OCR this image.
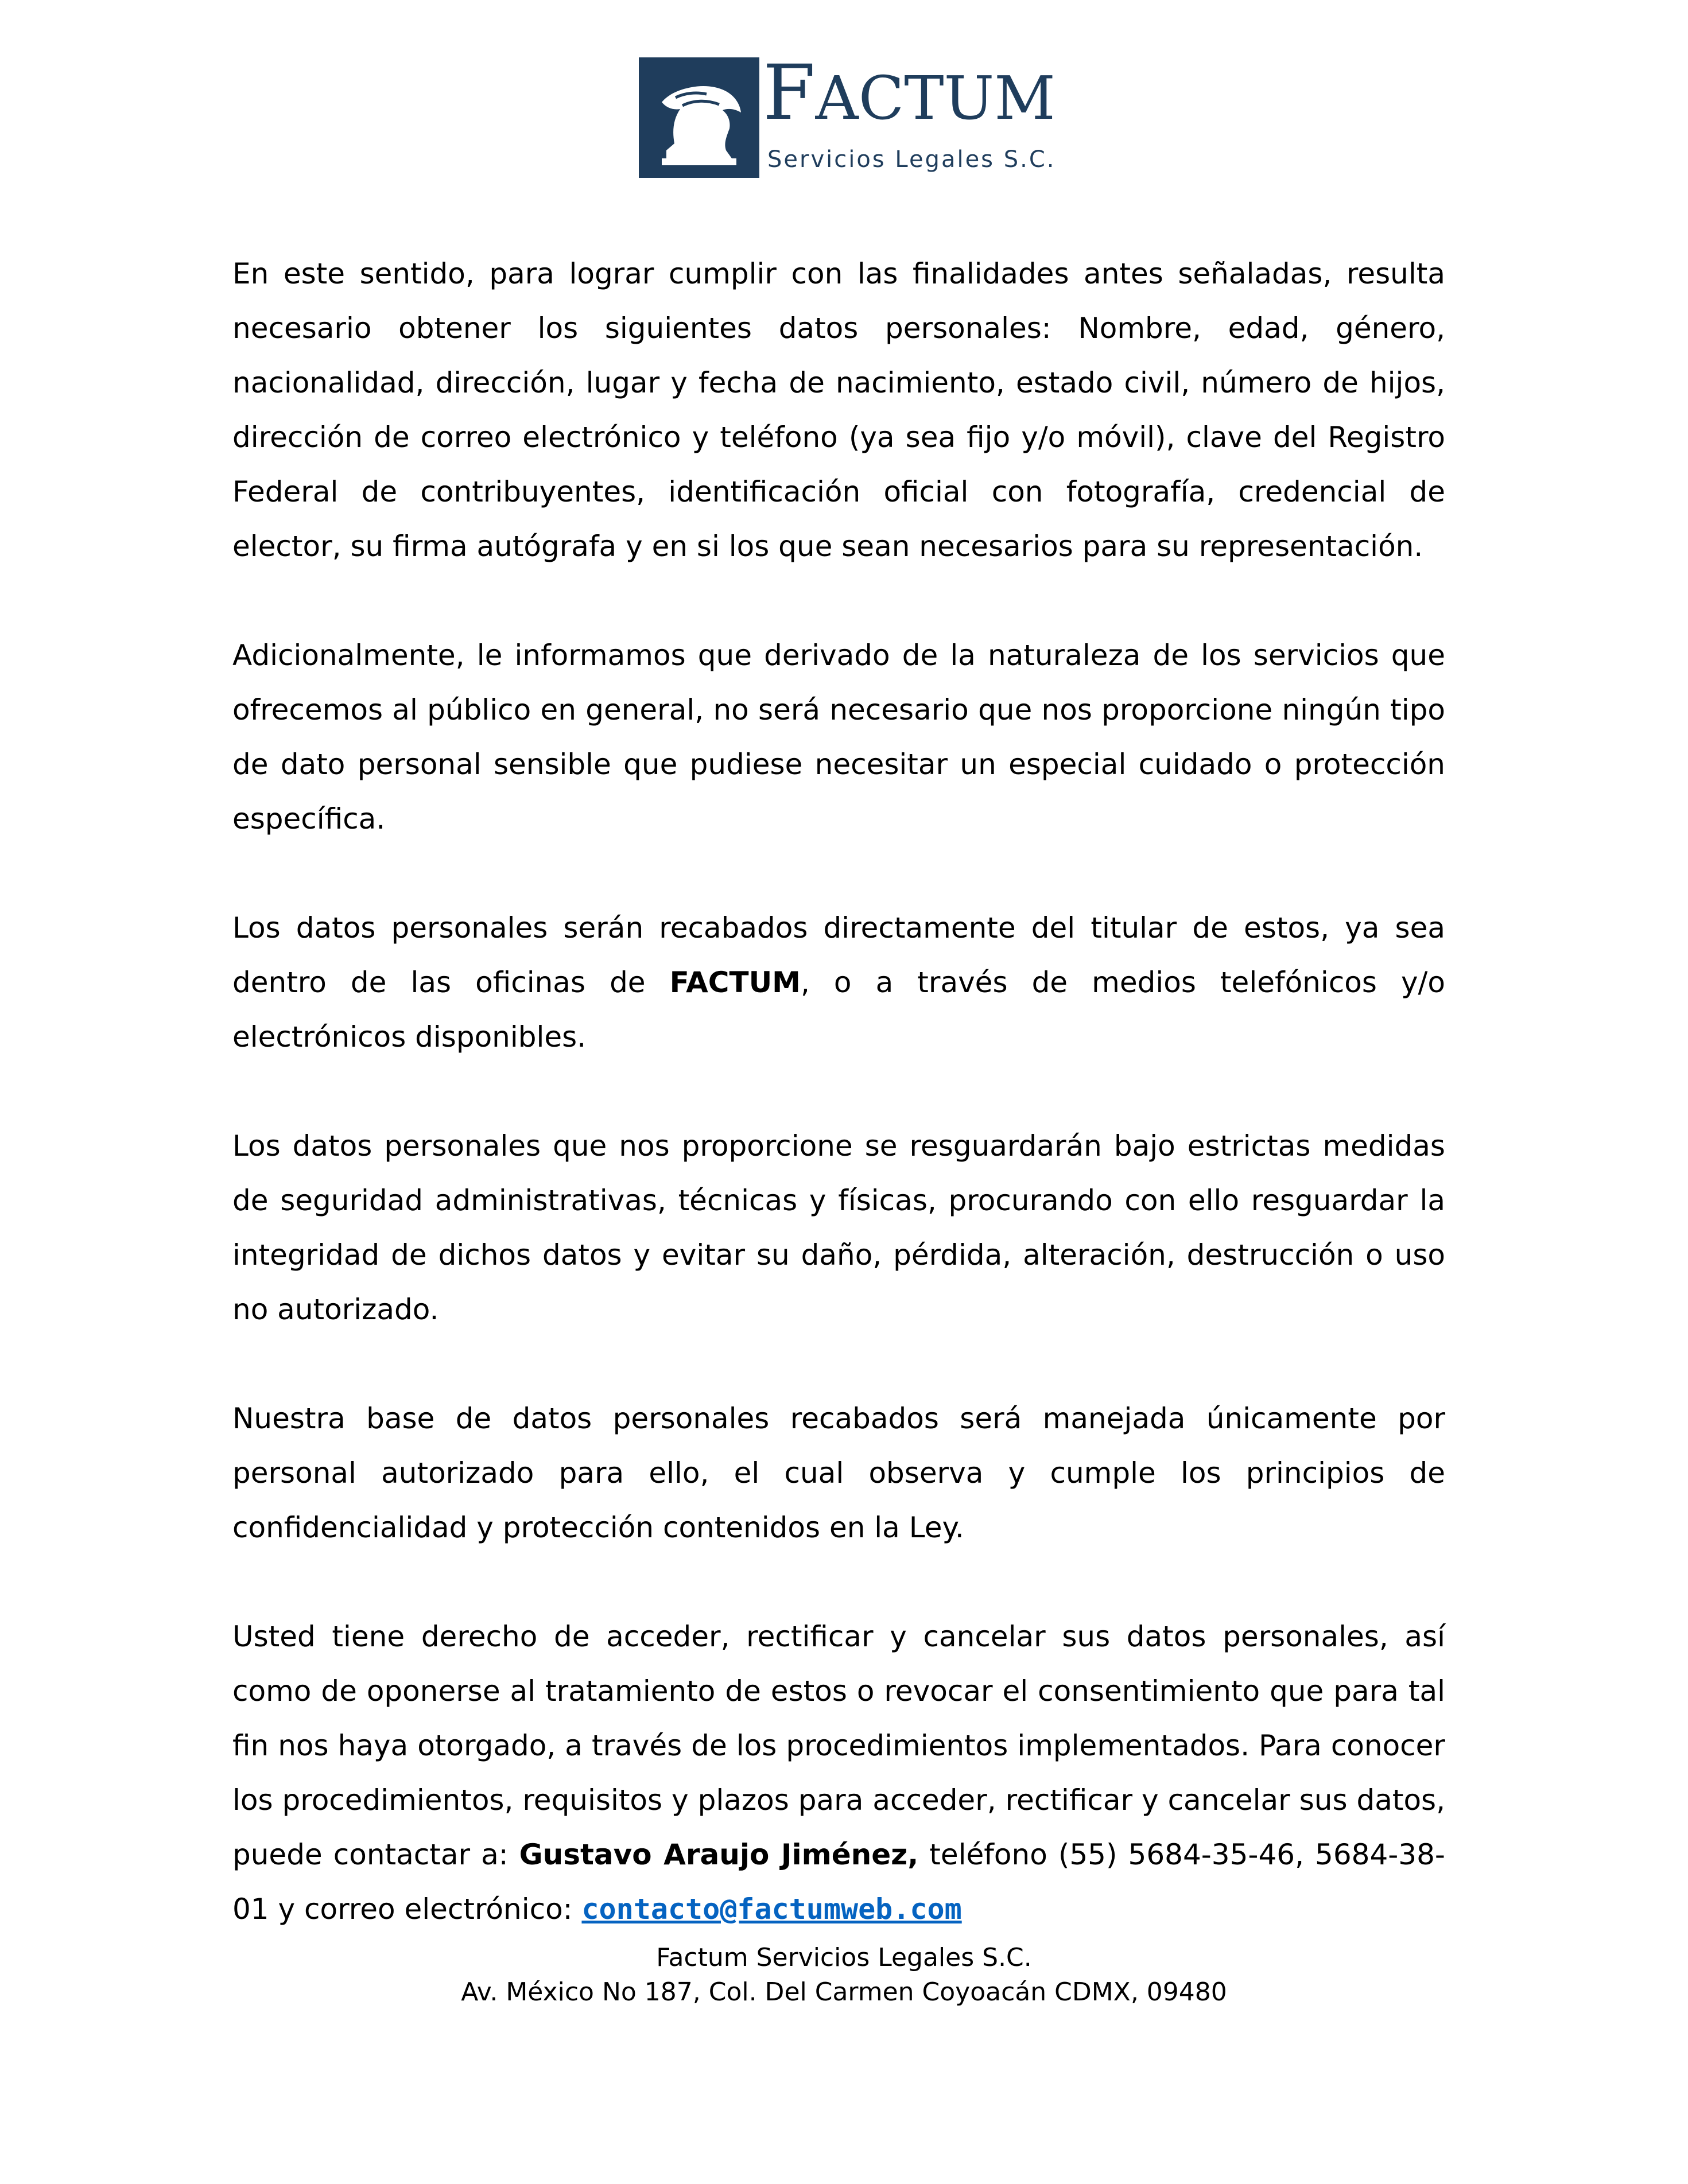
FACTUM
Servicios Legales S.C.

En este sentido, para lograr cumplir con las finalidades antes señaladas, resulta necesario obtener los siguientes datos personales: Nombre, edad, género, nacionalidad, dirección, lugar y fecha de nacimiento, estado civil, número de hijos, dirección de correo electrónico y teléfono (ya sea fijo y/o móvil), clave del Registro Federal de contribuyentes, identificación oficial con fotografía, credencial de elector, su firma autógrafa y en si los que sean necesarios para su representación.

Adicionalmente, le informamos que derivado de la naturaleza de los servicios que ofrecemos al público en general, no será necesario que nos proporcione ningún tipo de dato personal sensible que pudiese necesitar un especial cuidado o protección específica.

Los datos personales serán recabados directamente del titular de estos, ya sea dentro de las oficinas de FACTUM, o a través de medios telefónicos y/o electrónicos disponibles.

Los datos personales que nos proporcione se resguardarán bajo estrictas medidas de seguridad administrativas, técnicas y físicas, procurando con ello resguardar la integridad de dichos datos y evitar su daño, pérdida, alteración, destrucción o uso no autorizado.

Nuestra base de datos personales recabados será manejada únicamente por personal autorizado para ello, el cual observa y cumple los principios de confidencialidad y protección contenidos en la Ley.

Usted tiene derecho de acceder, rectificar y cancelar sus datos personales, así como de oponerse al tratamiento de estos o revocar el consentimiento que para tal fin nos haya otorgado, a través de los procedimientos implementados. Para conocer los procedimientos, requisitos y plazos para acceder, rectificar y cancelar sus datos, puede contactar a: Gustavo Araujo Jiménez, teléfono (55) 5684-35-46, 5684-38-01 y correo electrónico: contacto@factumweb.com

Factum Servicios Legales S.C.
Av. México No 187, Col. Del Carmen Coyoacán CDMX, 09480
